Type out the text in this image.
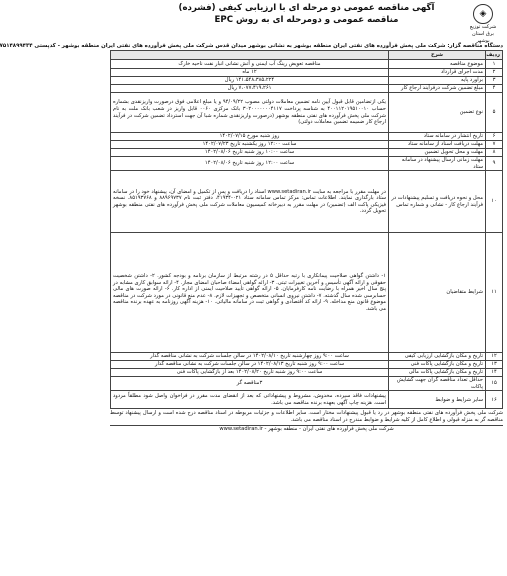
◈
شرکت توزیع برق استان بوشهر
آگهی مناقصه عمومی دو مرحله ای با ارزیابی کیفی (فشرده)
مناقصه عمومی و دومرحله ای به روش EPC
دستگاه مناقصه گزار: شرکت ملی پخش فرآورده های نفتی ایران منطقه بوشهر به نشانی بوشهر میدان قدس شرکت ملی پخش فرآورده های نفتی ایران منطقه بوشهر - کدپستی ۷۵۱۴۸۹۹۴۳۴
ردیف	شرح	
۱	موضوع مناقصه	مناقصه تعویض رینگ آب ایمنی و آتش نشانی انبار نفت ناحیه خارک
۲	مدت اجرای قرارداد	۱۲ ماه
۳	برآورد پایه	۱۴۱،۵۴۸،۳۸۵،۲۲۴ ریال
۴	مبلغ تضمین شرکت درفرآیند ارجاع کار	۷،۰۷۷،۴۱۹،۲۶۱ ریال
۵	نوع تضمین	یکی ازتضامین قابل قبول آیین نامه تضمین معاملات دولتی مصوب ۹۴/۰۹/۲۲ و یا مبلغ اعلامی فوق درصورت واریزنقدی بشماره حساب ۴۰۰۱۱۲۰۱۹۵۱۰۰۱۰ به شناسه پرداخت ۳۰۲۰۰۰۰۰۰۰۴۱۱۷ بانک مرکزی ۰۰۶۰ قابل واریز در شعب بانک ملت به نام شرکت ملی پخش فرآورده های نفتی منطقه بوشهر (درصورت واریزنقدی شماره شبا آن جهت استرداد تضمین شرکت در فرآیند ارجاع کار ضمیمه تضمین معاملات دولتی)
۶	تاریخ انتشار در سامانه ستاد	روز شنبه مورخ ۱۴۰۲/۰۷/۱۵
۷	مهلت دریافت اسناد از سامانه ستاد	ساعت ۱۲:۰۰ روز یکشنبه تاریخ ۱۴۰۲/۰۷/۲۳
۸	مهلت و محل تحویل تضمین	ساعت ۱۰:۰۰ روز شنبه تاریخ ۱۴۰۲/۰۸/۰۶
۹	مهلت زمانی ارسال پیشنهاد در سامانه ستاد	ساعت ۱۲:۰۰ روز شنبه تاریخ ۱۴۰۲/۰۸/۰۶
۱۰	محل و نحوه دریافت و تسلیم پیشنهادات در فرآیند ارجاع کار - نشانی و شماره تماس	در مهلت مقرر با مراجعه به سایت www.setadiran.ir اسناد را دریافت و پس از تکمیل و امضای آن، پیشنهاد خود را در سامانه ستاد بارگذاری نمایند. اطلاعات تماس: مرکز تماس سامانه ستاد ۰۲۱-۴۱۹۳۴، دفتر ثبت نام ۸۸۹۶۹۷۳۷ و ۸۵۱۹۳۷۶۸. نسخه فیزیکی پاکت الف (تضمین) در مهلت مقرر به دبیرخانه کمیسیون معاملات شرکت ملی پخش فرآورده های نفتی منطقه بوشهر تحویل گردد.
۱۱	شرایط متقاضیان	۱- داشتن گواهی صلاحیت پیمانکاری با رتبه حداقل ۵ در رشته مرتبط از سازمان برنامه و بودجه کشور. ۲- داشتن شخصیت حقوقی و ارائه آگهی تأسیس و آخرین تغییرات ثبتی. ۳- ارائه گواهی امضاء صاحبان امضای مجاز. ۴- ارائه سوابق کاری مشابه در پنج سال اخیر همراه با رضایت نامه کارفرمایان. ۵- ارائه گواهی تأیید صلاحیت ایمنی از اداره کار. ۶- ارائه صورت های مالی حسابرسی شده سال گذشته. ۷- داشتن نیروی انسانی متخصص و تجهیزات لازم. ۸- عدم منع قانونی در مورد شرکت در مناقصه موضوع قانون منع مداخله. ۹- ارائه کد اقتصادی و گواهی ثبت در سامانه مالیاتی. ۱۰- هزینه آگهی روزنامه به عهده برنده مناقصه می باشد.
۱۲	تاریخ و مکان بازگشایی ارزیابی کیفی	ساعت ۹:۰۰ روز چهارشنبه تاریخ ۱۴۰۲/۰۸/۱۰ در سالن جلسات شرکت به نشانی مناقصه گذار
۱۳	تاریخ و مکان بازگشایی پاکات فنی	ساعت ۹:۰۰ روز شنبه تاریخ ۱۴۰۲/۰۸/۱۳ در سالن جلسات شرکت به نشانی مناقصه گذار
۱۴	تاریخ و مکان بازگشایی پاکات مالی	ساعت ۹:۰۰ روز شنبه تاریخ ۱۴۰۲/۰۸/۲۰ بعد از بازگشایی پاکات فنی
۱۵	حداقل تعداد مناقصه گران جهت گشایش پاکات	۳مناقصه گر
۱۶	سایر شرایط و ضوابط	پیشنهادات فاقد سپرده، مخدوش، مشروط و پیشنهاداتی که بعد از انقضای مدت مقرر در فراخوان واصل شود مطلقاً مردود است. هزینه چاپ آگهی بعهده برنده مناقصه می باشد.
شرکت ملی پخش فرآورده های نفتی منطقه بوشهر در رد یا قبول پیشنهادات مختار است. سایر اطلاعات و جزئیات مربوطه در اسناد مناقصه درج شده است و ارسال پیشنهاد توسط مناقصه گر به منزله قبولی و اطلاع کامل از کلیه شرایط و ضوابط مندرج در اسناد مناقصه می باشد.
شرکت ملی پخش فرآورده های نفتی ایران - منطقه بوشهر - www.setadiran.ir
